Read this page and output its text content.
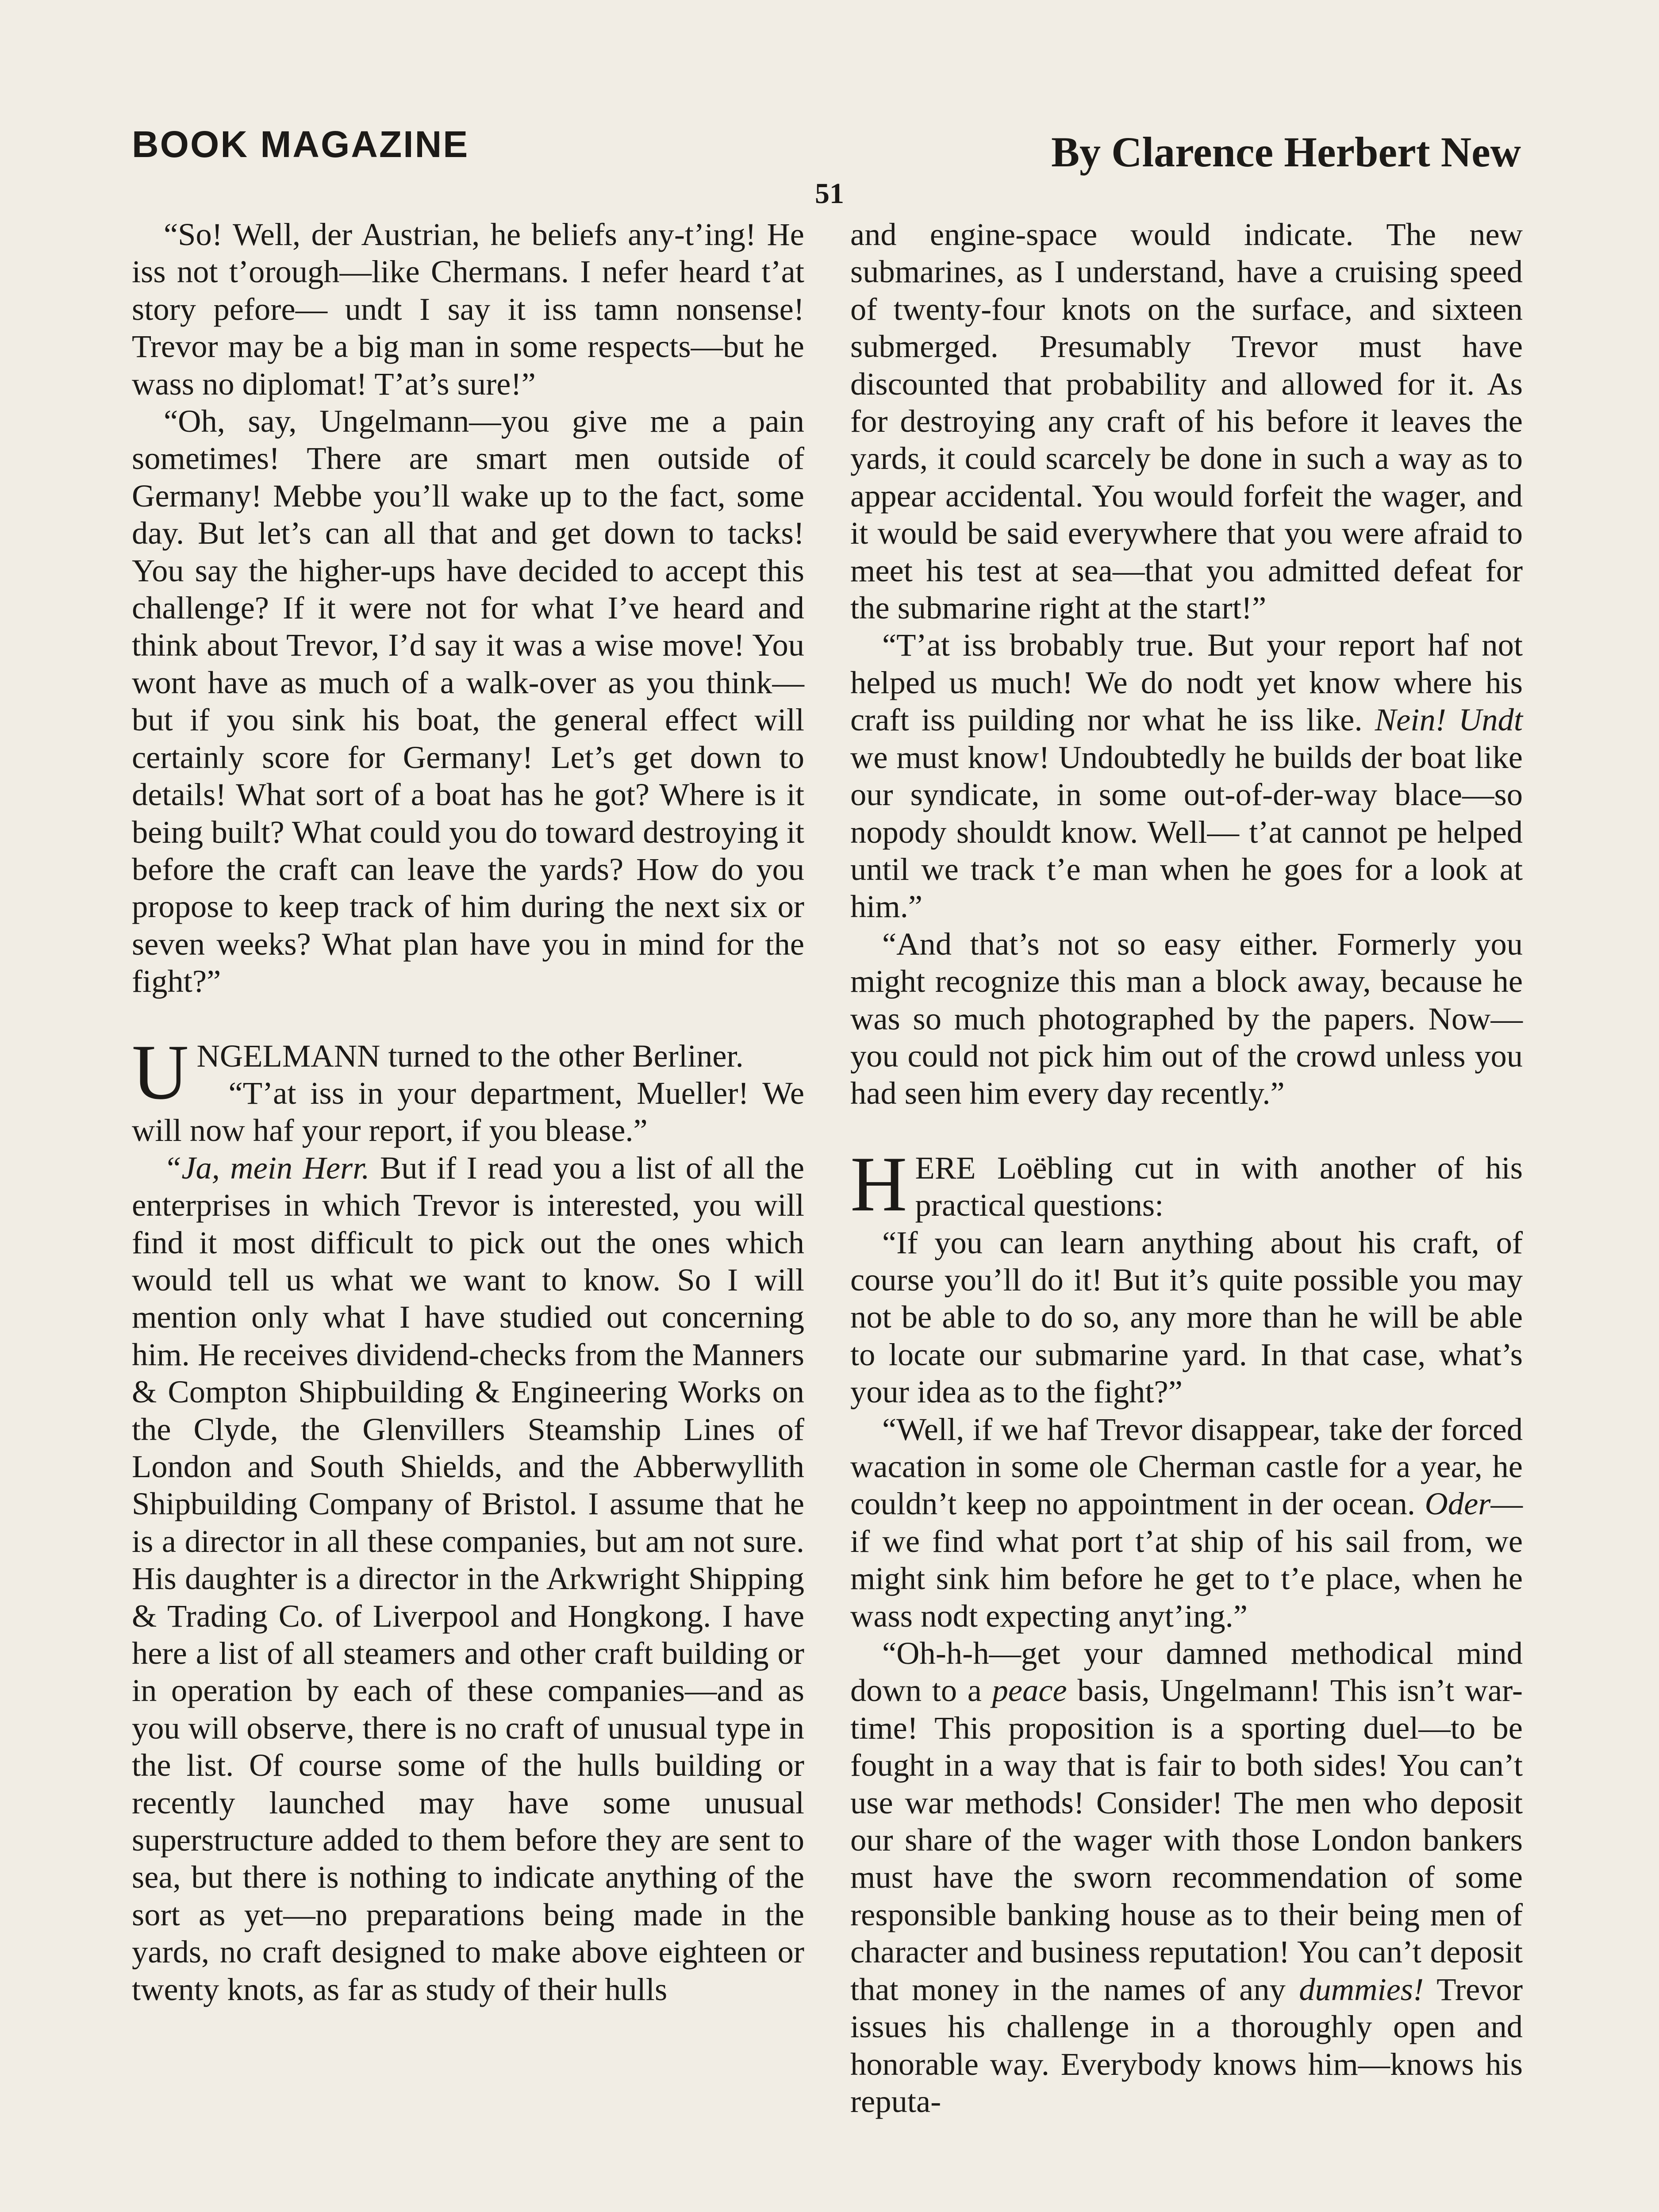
BOOK MAGAZINE	By Clarence Herbert New
51

“So! Well, der Austrian, he beliefs any-t’ing! He iss not t’orough—like Chermans. I nefer heard t’at story pefore— undt I say it iss tamn nonsense! Trevor may be a big man in some respects—but he wass no diplomat! T’at’s sure!”

“Oh, say, Ungelmann—you give me a pain sometimes! There are smart men outside of Germany! Mebbe you’ll wake up to the fact, some day. But let’s can all that and get down to tacks! You say the higher-ups have decided to accept this challenge? If it were not for what I’ve heard and think about Trevor, I’d say it was a wise move! You wont have as much of a walk-over as you think—but if you sink his boat, the general effect will certainly score for Germany! Let’s get down to details! What sort of a boat has he got? Where is it being built? What could you do toward destroying it before the craft can leave the yards? How do you propose to keep track of him during the next six or seven weeks? What plan have you in mind for the fight?”

U NGELMANN turned to the other Berliner.

“T’at iss in your department, Mueller! We will now haf your report, if you blease.”

“Ja, mein Herr. But if I read you a list of all the enterprises in which Trevor is interested, you will find it most difficult to pick out the ones which would tell us what we want to know. So I will mention only what I have studied out concerning him. He receives dividend-checks from the Manners & Compton Shipbuilding & Engineering Works on the Clyde, the Glenvillers Steamship Lines of London and South Shields, and the Abberwyllith Shipbuilding Company of Bristol. I assume that he is a director in all these companies, but am not sure. His daughter is a director in the Arkwright Shipping & Trading Co. of Liverpool and Hongkong. I have here a list of all steamers and other craft building or in operation by each of these companies—and as you will observe, there is no craft of unusual type in the list. Of course some of the hulls building or recently launched may have some unusual superstructure added to them before they are sent to sea, but there is nothing to indicate anything of the sort as yet—no preparations being made in the yards, no craft designed to make above eighteen or twenty knots, as far as study of their hulls

and engine-space would indicate. The new submarines, as I understand, have a cruising speed of twenty-four knots on the surface, and sixteen submerged. Presumably Trevor must have discounted that probability and allowed for it. As for destroying any craft of his before it leaves the yards, it could scarcely be done in such a way as to appear accidental. You would forfeit the wager, and it would be said everywhere that you were afraid to meet his test at sea—that you admitted defeat for the submarine right at the start!”

“T’at iss brobably true. But your report haf not helped us much! We do nodt yet know where his craft iss puilding nor what he iss like. Nein! Undt we must know! Undoubtedly he builds der boat like our syndicate, in some out-of-der-way blace—so nopody shouldt know. Well— t’at cannot pe helped until we track t’e man when he goes for a look at him.”

“And that’s not so easy either. Formerly you might recognize this man a block away, because he was so much photographed by the papers. Now—you could not pick him out of the crowd unless you had seen him every day recently.”

H ERE Loëbling cut in with another of his practical questions:

“If you can learn anything about his craft, of course you’ll do it! But it’s quite possible you may not be able to do so, any more than he will be able to locate our submarine yard. In that case, what’s your idea as to the fight?”

“Well, if we haf Trevor disappear, take der forced wacation in some ole Cherman castle for a year, he couldn’t keep no appointment in der ocean. Oder—if we find what port t’at ship of his sail from, we might sink him before he get to t’e place, when he wass nodt expecting anyt’ing.”

“Oh-h-h—get your damned methodical mind down to a peace basis, Ungelmann! This isn’t war-time! This proposition is a sporting duel—to be fought in a way that is fair to both sides! You can’t use war methods! Consider! The men who deposit our share of the wager with those London bankers must have the sworn recommendation of some responsible banking house as to their being men of character and business reputation! You can’t deposit that money in the names of any dummies! Trevor issues his challenge in a thoroughly open and honorable way. Everybody knows him—knows his reputa-
